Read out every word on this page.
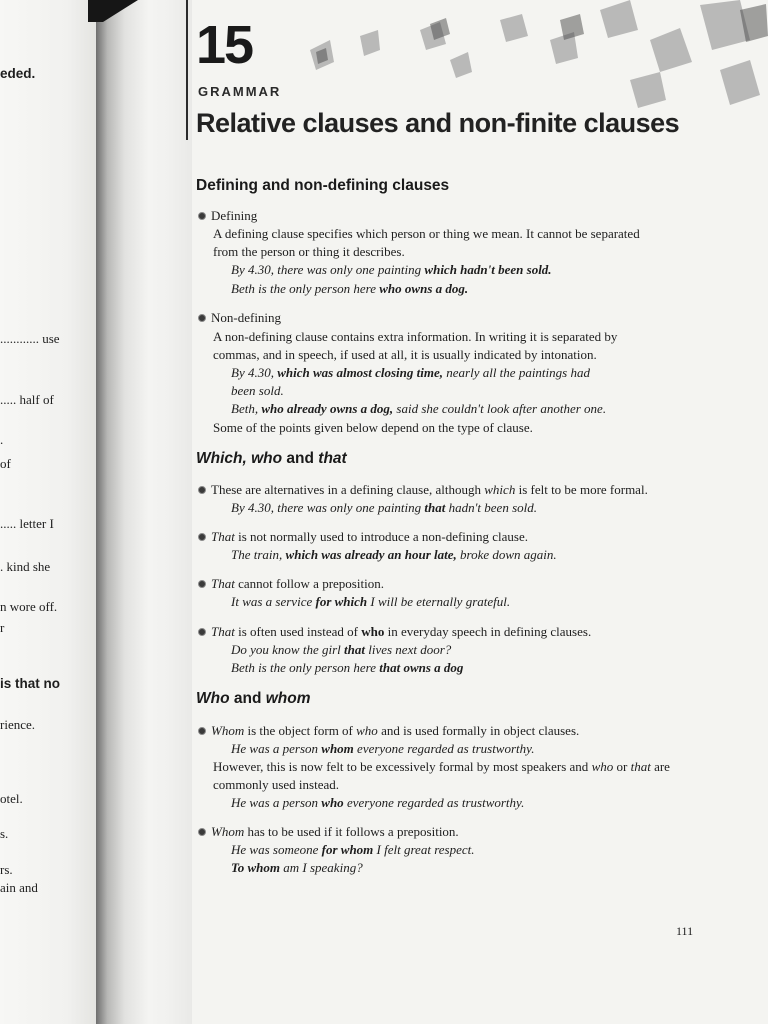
eded.
............ use
..... half of
.
of
..... letter I
. kind she
n wore off.
r
is that no
rience.
otel.
s.
rs.
ain and
15
GRAMMAR
Relative clauses and non-finite clauses
Defining and non-defining clauses
Defining
A defining clause specifies which person or thing we mean. It cannot be separated
from the person or thing it describes.
By 4.30, there was only one painting which hadn't been sold.
Beth is the only person here who owns a dog.
Non-defining
A non-defining clause contains extra information. In writing it is separated by
commas, and in speech, if used at all, it is usually indicated by intonation.
By 4.30, which was almost closing time, nearly all the paintings had
been sold.
Beth, who already owns a dog, said she couldn't look after another one.
Some of the points given below depend on the type of clause.
Which, who and that
These are alternatives in a defining clause, although which is felt to be more formal.
By 4.30, there was only one painting that hadn't been sold.
That is not normally used to introduce a non-defining clause.
The train, which was already an hour late, broke down again.
That cannot follow a preposition.
It was a service for which I will be eternally grateful.
That is often used instead of who in everyday speech in defining clauses.
Do you know the girl that lives next door?
Beth is the only person here that owns a dog
Who and whom
Whom is the object form of who and is used formally in object clauses.
He was a person whom everyone regarded as trustworthy.
However, this is now felt to be excessively formal by most speakers and who or that are
commonly used instead.
He was a person who everyone regarded as trustworthy.
Whom has to be used if it follows a preposition.
He was someone for whom I felt great respect.
To whom am I speaking?
111
